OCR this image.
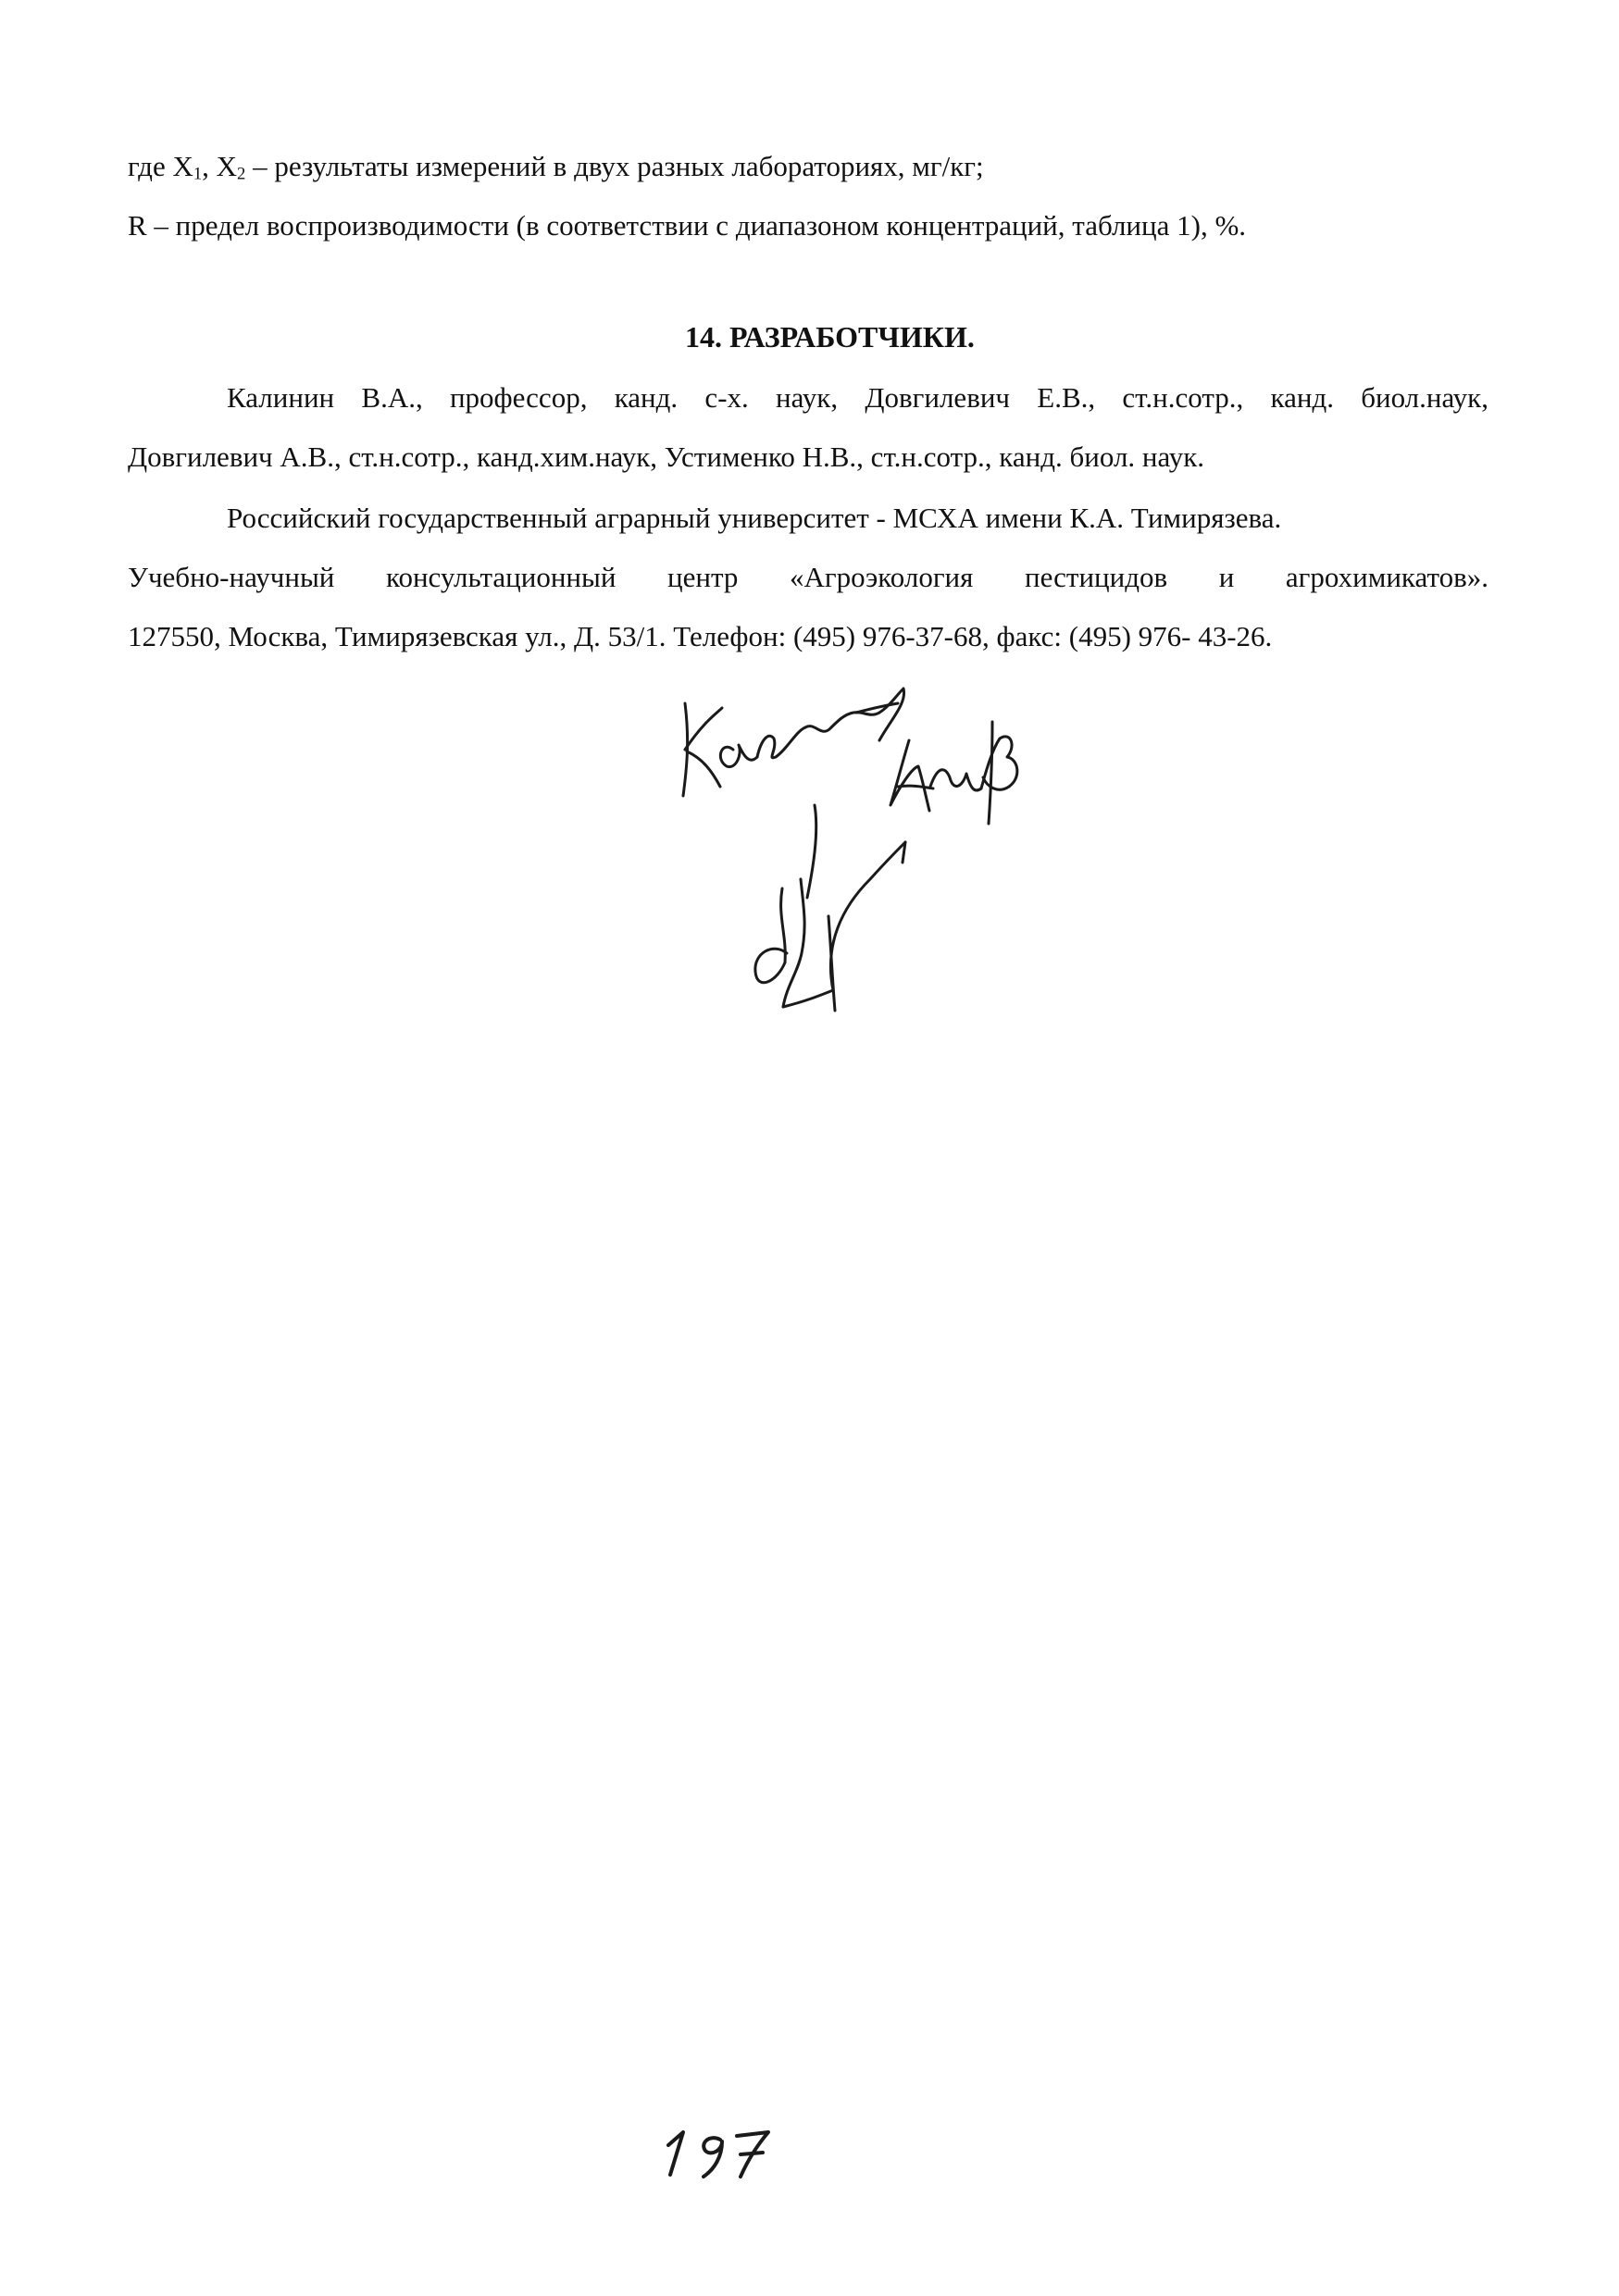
где $X_1$, $X_2$ – результаты измерений в двух разных лабораториях, мг/кг;
R – предел воспроизводимости (в соответствии с диапазоном концентраций, таблица 1), %.
14. РАЗРАБОТЧИКИ.
Калинин В.А., профессор, канд. с-х. наук, Довгилевич Е.В., ст.н.сотр., канд. биол.наук,
Довгилевич А.В., ст.н.сотр., канд.хим.наук, Устименко Н.В., ст.н.сотр., канд. биол. наук.
Российский государственный аграрный университет - МСХА имени К.А. Тимирязева.
Учебно-научный консультационный центр «Агроэкология пестицидов и агрохимикатов».
127550, Москва, Тимирязевская ул., Д. 53/1. Телефон: (495) 976-37-68, факс: (495) 976- 43-26.
